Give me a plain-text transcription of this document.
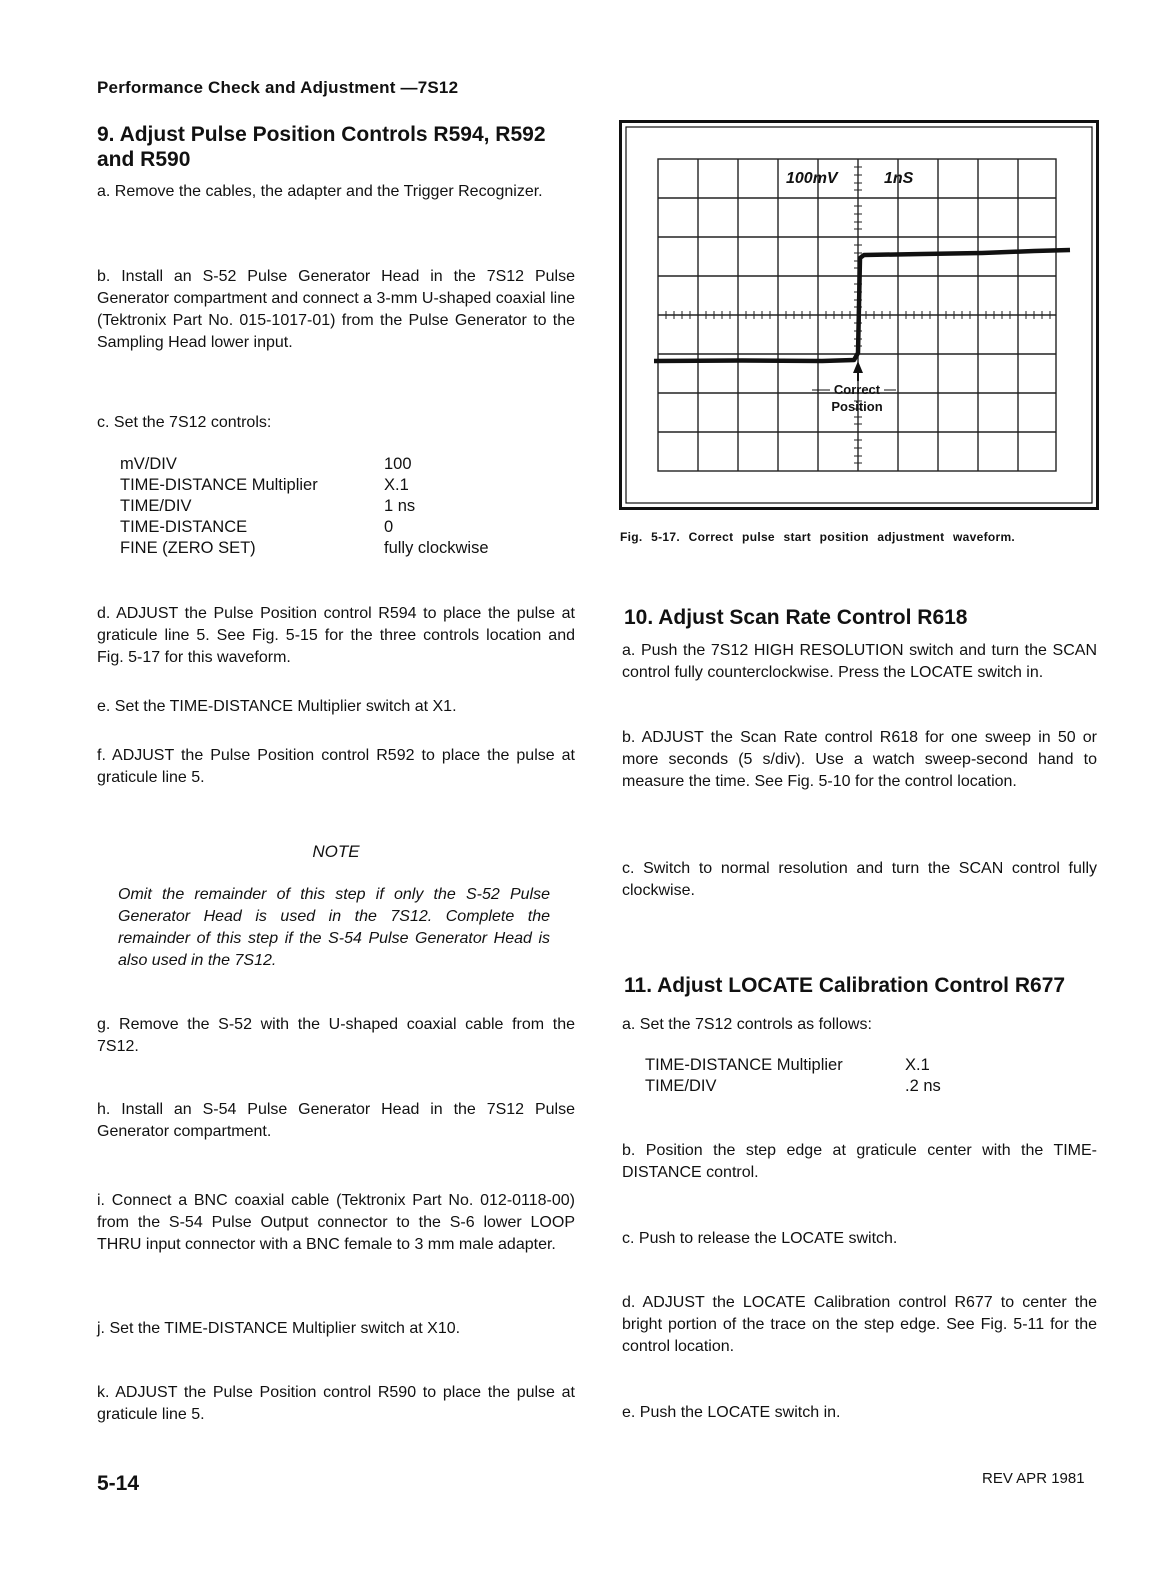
Performance Check and Adjustment —7S12
9. Adjust Pulse Position Controls R594, R592 and R590
a. Remove the cables, the adapter and the Trigger Recognizer.
b. Install an S-52 Pulse Generator Head in the 7S12 Pulse Generator compartment and connect a 3-mm U-shaped coaxial line (Tektronix Part No. 015-1017-01) from the Pulse Generator to the Sampling Head lower input.
c. Set the 7S12 controls:
mV/DIV	100
TIME-DISTANCE Multiplier	X.1
TIME/DIV	1 ns
TIME-DISTANCE	0
FINE (ZERO SET)	fully clockwise
d. ADJUST the Pulse Position control R594 to place the pulse at graticule line 5. See Fig. 5-15 for the three controls location and Fig. 5-17 for this waveform.
e. Set the TIME-DISTANCE Multiplier switch at X1.
f. ADJUST the Pulse Position control R592 to place the pulse at graticule line 5.
NOTE
Omit the remainder of this step if only the S-52 Pulse Generator Head is used in the 7S12. Complete the remainder of this step if the S-54 Pulse Generator Head is also used in the 7S12.
g. Remove the S-52 with the U-shaped coaxial cable from the 7S12.
h. Install an S-54 Pulse Generator Head in the 7S12 Pulse Generator compartment.
i. Connect a BNC coaxial cable (Tektronix Part No. 012-0118-00) from the S-54 Pulse Output connector to the S-6 lower LOOP THRU input connector with a BNC female to 3 mm male adapter.
j. Set the TIME-DISTANCE Multiplier switch at X10.
k. ADJUST the Pulse Position control R590 to place the pulse at graticule line 5.
100mV	1nS
Correct
Position
Fig. 5-17. Correct pulse start position adjustment waveform.
10. Adjust Scan Rate Control R618
a. Push the 7S12 HIGH RESOLUTION switch and turn the SCAN control fully counterclockwise. Press the LOCATE switch in.
b. ADJUST the Scan Rate control R618 for one sweep in 50 or more seconds (5 s/div). Use a watch sweep-second hand to measure the time. See Fig. 5-10 for the control location.
c. Switch to normal resolution and turn the SCAN control fully clockwise.
11. Adjust LOCATE Calibration Control R677
a. Set the 7S12 controls as follows:
TIME-DISTANCE Multiplier	X.1
TIME/DIV	.2 ns
b. Position the step edge at graticule center with the TIME-DISTANCE control.
c. Push to release the LOCATE switch.
d. ADJUST the LOCATE Calibration control R677 to center the bright portion of the trace on the step edge. See Fig. 5-11 for the control location.
e. Push the LOCATE switch in.
5-14	REV APR 1981
